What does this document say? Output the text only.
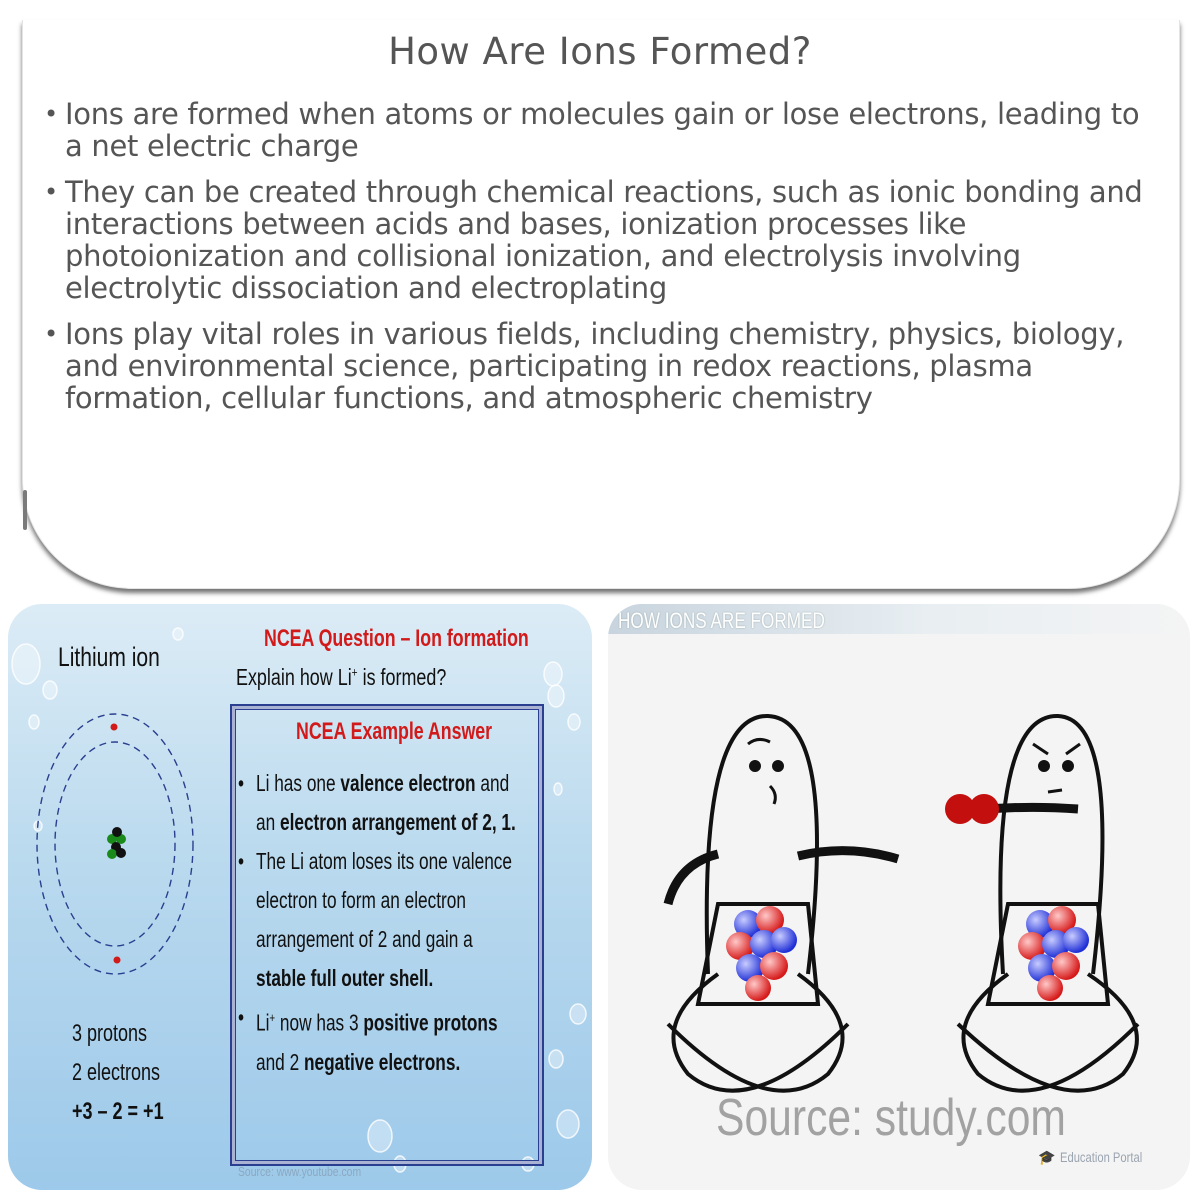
How Are Ions Formed?
• Ions are formed when atoms or molecules gain or lose electrons, leading to a net electric charge
• They can be created through chemical reactions, such as ionic bonding and interactions between acids and bases, ionization processes like photoionization and collisional ionization, and electrolysis involving electrolytic dissociation and electroplating
• Ions play vital roles in various fields, including chemistry, physics, biology, and environmental science, participating in redox reactions, plasma formation, cellular functions, and atmospheric chemistry
Lithium ion
3 protons
2 electrons
+3 – 2 = +1
NCEA Question – Ion formation
Explain how Li+ is formed?
NCEA Example Answer
• Li has one valence electron and an electron arrangement of 2, 1.
• The Li atom loses its one valence electron to form an electron arrangement of 2 and gain a stable full outer shell.
• Li+ now has 3 positive protons and 2 negative electrons.
Source: www.youtube.com
HOW IONS ARE FORMED
Source: study.com
🎓 Education Portal
